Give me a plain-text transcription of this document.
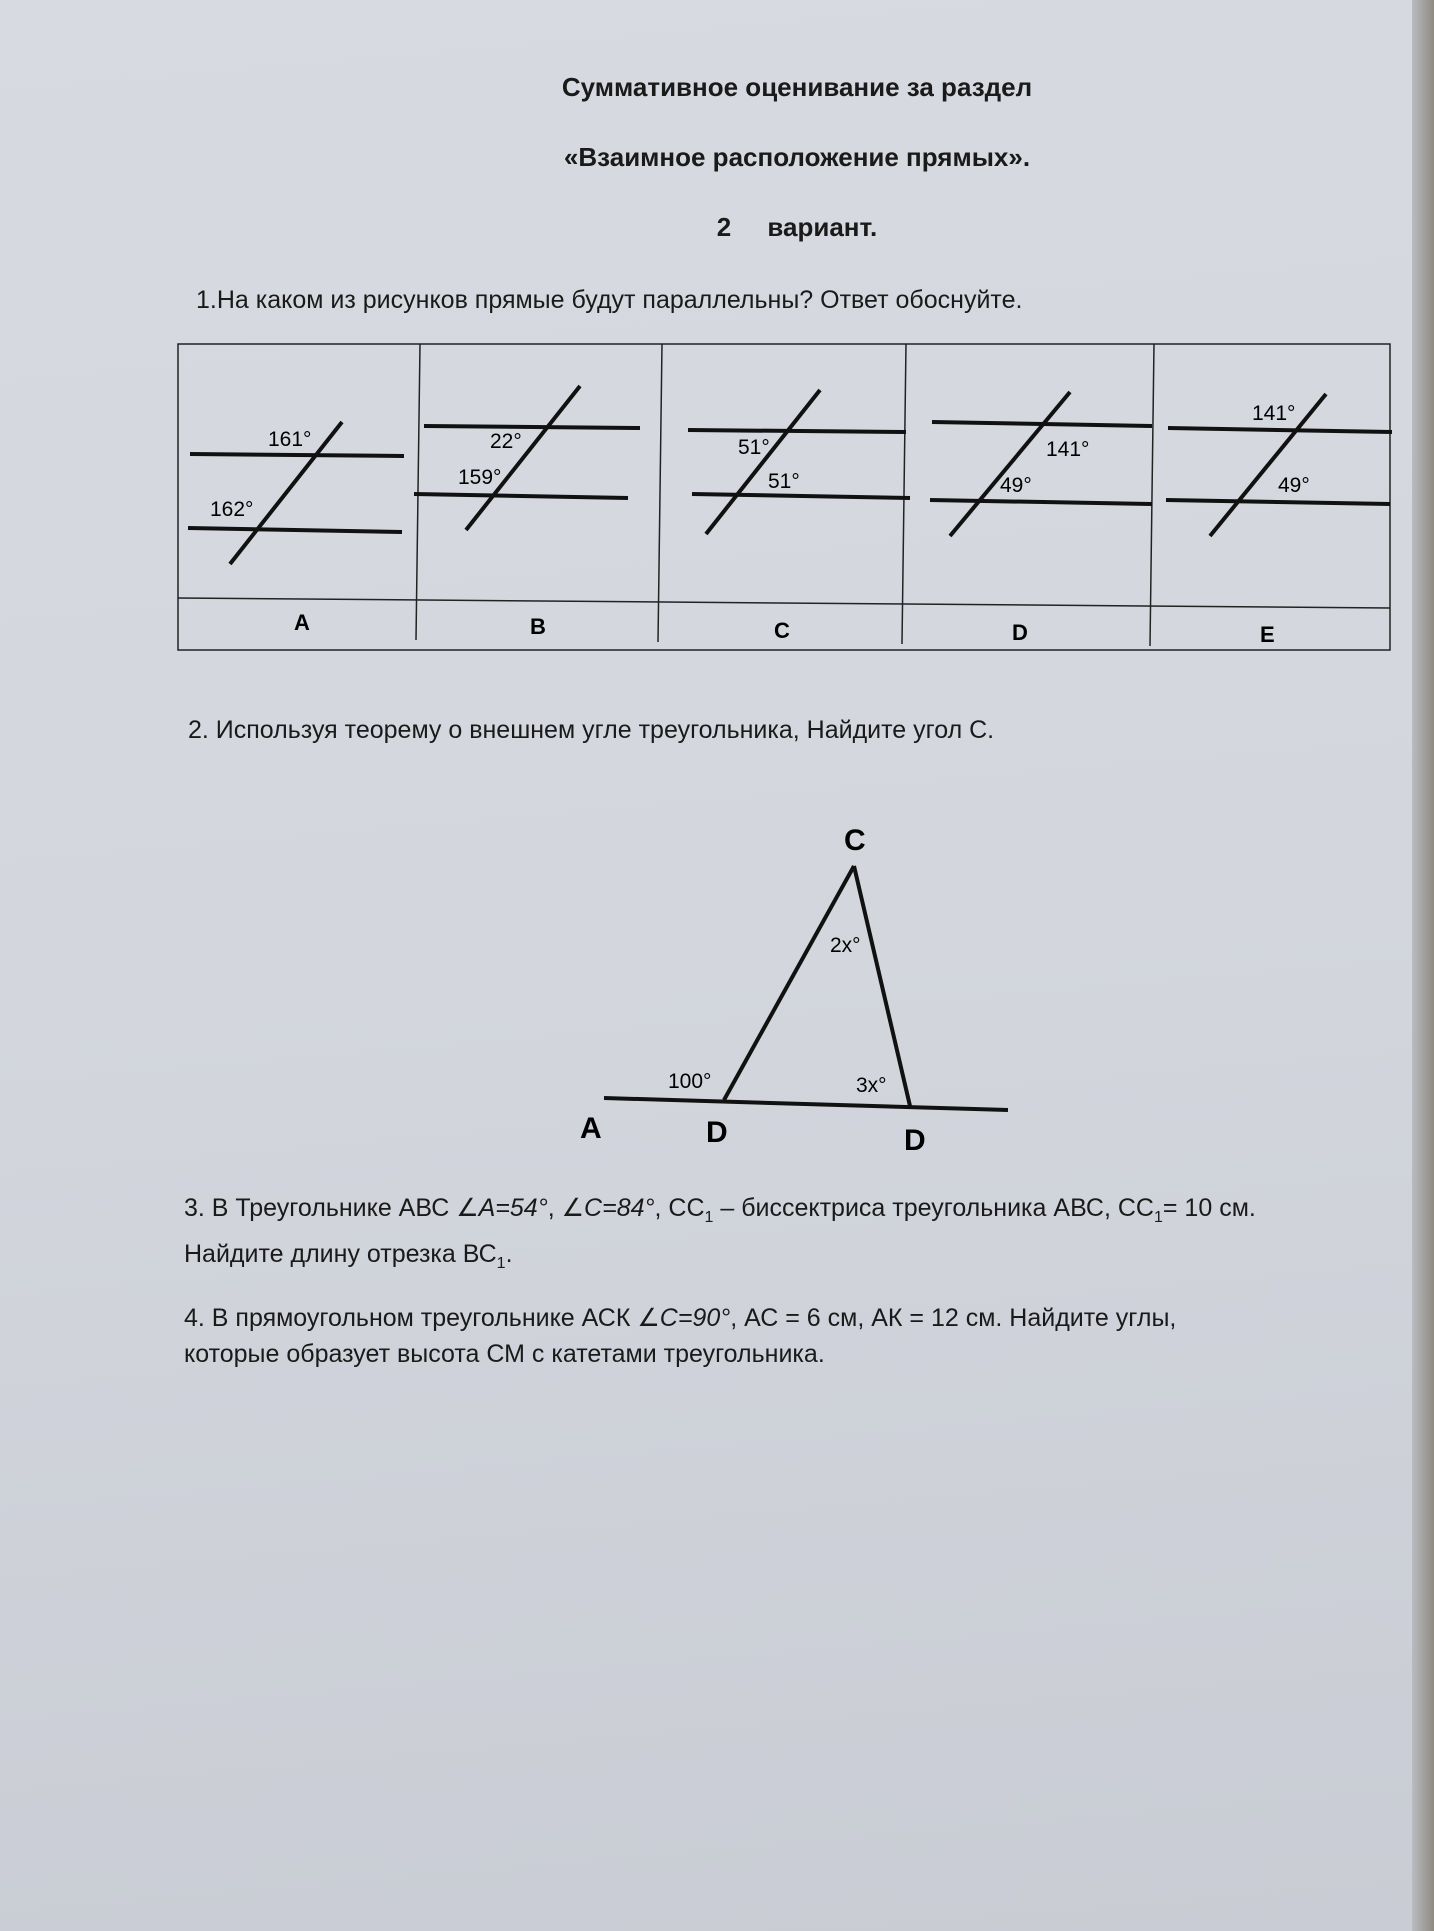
Суммативное оценивание за раздел
«Взаимное расположение прямых».
2     вариант.
1.На каком из рисунков прямые будут параллельны? Ответ обоснуйте.
161°
162°
A
22°
159°
B
51°
51°
C
141°
49°
D
141°
49°
E
2. Используя теорему о внешнем угле треугольника, Найдите угол С.
C
2x°
100°	3x°
A	D	D
3. В Треугольнике АВС ∠A=54°, ∠C=84°, $СС_1$ – биссектриса треугольника АВС, $СС_1= 10$ см.
Найдите длину отрезка $ВС_1$.
4. В прямоугольном треугольнике АСК ∠C=90°, АС = 6 см, АК = 12 см. Найдите углы,
которые образует высота СМ с катетами треугольника.
